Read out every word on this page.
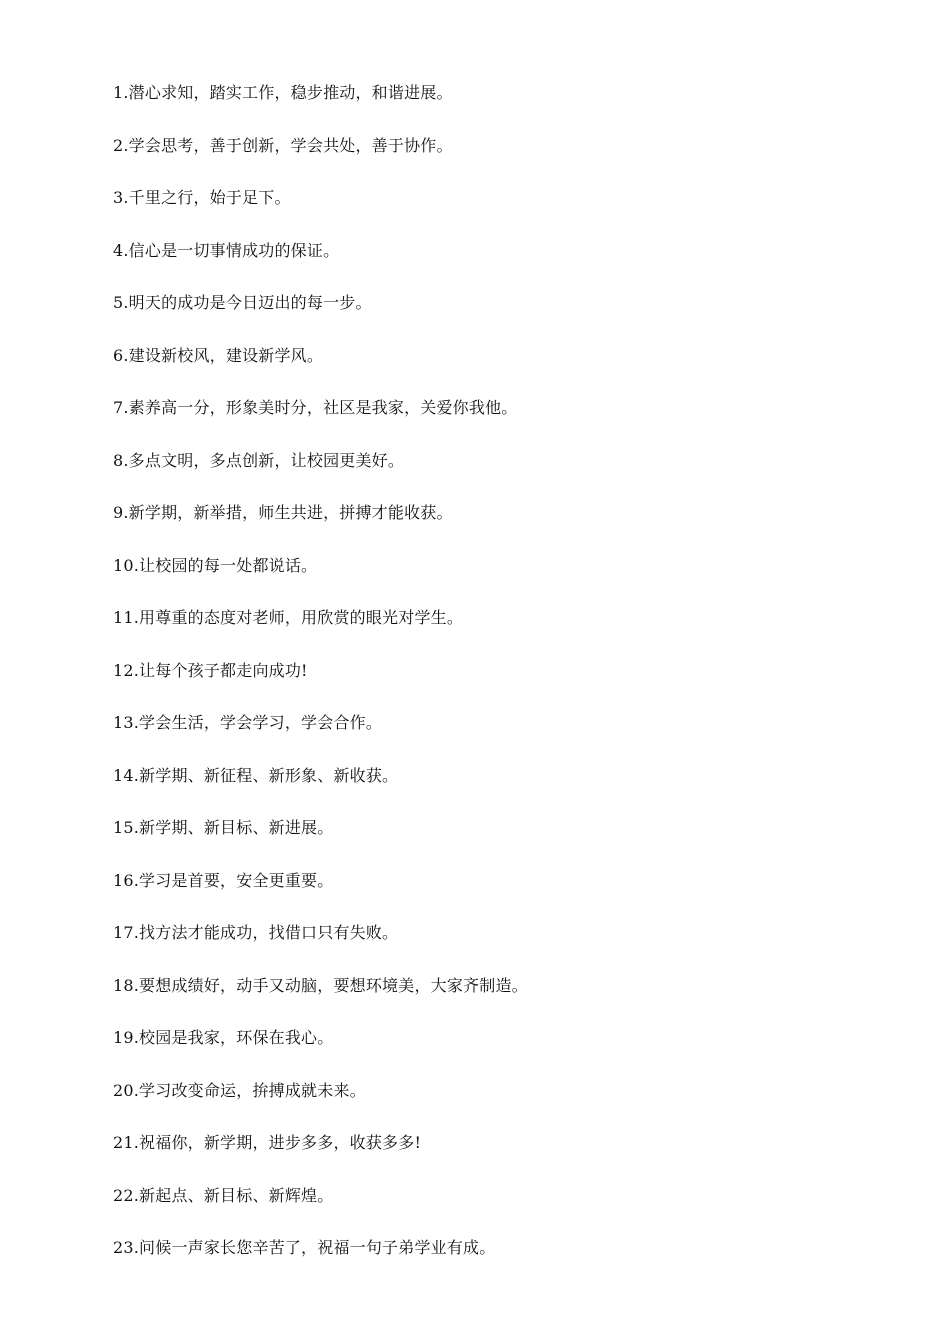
1.潜心求知，踏实工作，稳步推动，和谐进展。
2.学会思考，善于创新，学会共处，善于协作。
3.千里之行，始于足下。
4.信心是一切事情成功的保证。
5.明天的成功是今日迈出的每一步。
6.建设新校风，建设新学风。
7.素养高一分，形象美时分，社区是我家，关爱你我他。
8.多点文明，多点创新，让校园更美好。
9.新学期，新举措，师生共进，拼搏才能收获。
10.让校园的每一处都说话。
11.用尊重的态度对老师，用欣赏的眼光对学生。
12.让每个孩子都走向成功!
13.学会生活，学会学习，学会合作。
14.新学期、新征程、新形象、新收获。
15.新学期、新目标、新进展。
16.学习是首要，安全更重要。
17.找方法才能成功，找借口只有失败。
18.要想成绩好，动手又动脑，要想环境美，大家齐制造。
19.校园是我家，环保在我心。
20.学习改变命运，拚搏成就未来。
21.祝福你，新学期，进步多多，收获多多!
22.新起点、新目标、新辉煌。
23.问候一声家长您辛苦了，祝福一句子弟学业有成。
